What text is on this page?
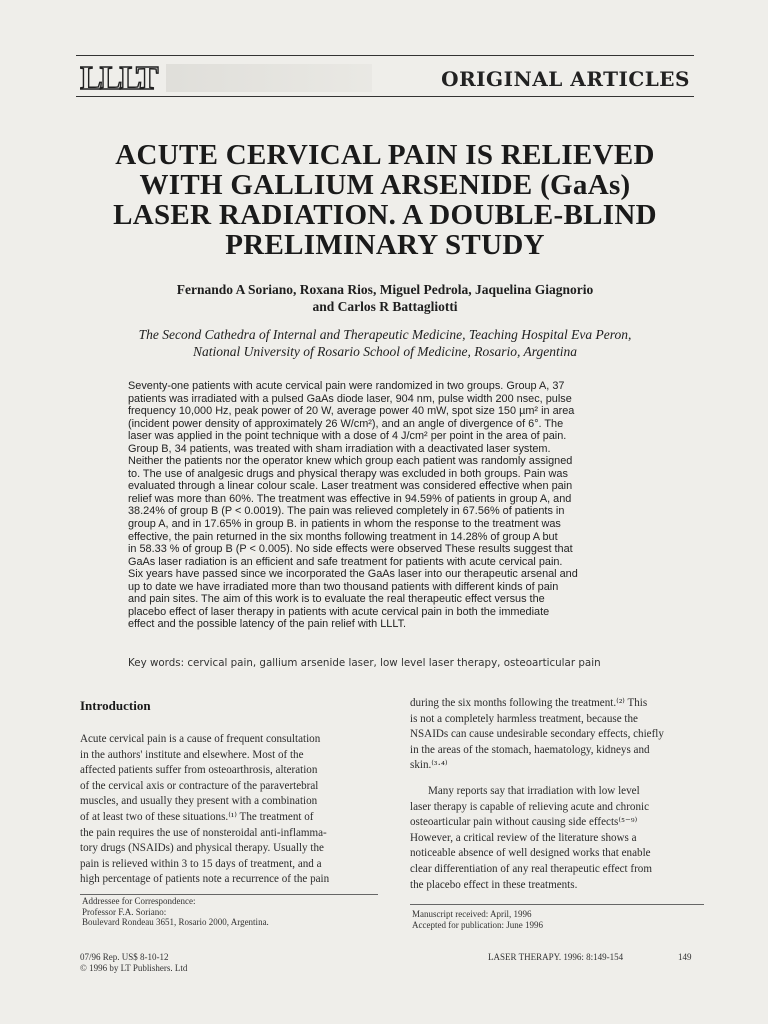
LLLT	ORIGINAL ARTICLES
ACUTE CERVICAL PAIN IS RELIEVED
WITH GALLIUM ARSENIDE (GaAs)
LASER RADIATION. A DOUBLE-BLIND
PRELIMINARY STUDY
Fernando A Soriano, Roxana Rios, Miguel Pedrola, Jaquelina Giagnorio
and Carlos R Battagliotti
The Second Cathedra of Internal and Therapeutic Medicine, Teaching Hospital Eva Peron,
National University of Rosario School of Medicine, Rosario, Argentina
Seventy-one patients with acute cervical pain were randomized in two groups. Group A, 37
patients was irradiated with a pulsed GaAs diode laser, 904 nm, pulse width 200 nsec, pulse
frequency 10,000 Hz, peak power of 20 W, average power 40 mW, spot size 150 µm² in area
(incident power density of approximately 26 W/cm²), and an angle of divergence of 6°. The
laser was applied in the point technique with a dose of 4 J/cm² per point in the area of pain.
Group B, 34 patients, was treated with sham irradiation with a deactivated laser system.
Neither the patients nor the operator knew which group each patient was randomly assigned
to. The use of analgesic drugs and physical therapy was excluded in both groups. Pain was
evaluated through a linear colour scale. Laser treatment was considered effective when pain
relief was more than 60%. The treatment was effective in 94.59% of patients in group A, and
38.24% of group B (P < 0.0019). The pain was relieved completely in 67.56% of patients in
group A, and in 17.65% in group B. in patients in whom the response to the treatment was
effective, the pain returned in the six months following treatment in 14.28% of group A but
in 58.33 % of group B (P < 0.005). No side effects were observed These results suggest that
GaAs laser radiation is an efficient and safe treatment for patients with acute cervical pain.
Six years have passed since we incorporated the GaAs laser into our therapeutic arsenal and
up to date we have irradiated more than two thousand patients with different kinds of pain
and pain sites. The aim of this work is to evaluate the real therapeutic effect versus the
placebo effect of laser therapy in patients with acute cervical pain in both the immediate
effect and the possible latency of the pain relief with LLLT.
Key words: cervical pain, gallium arsenide laser, low level laser therapy, osteoarticular pain
Introduction
Acute cervical pain is a cause of frequent consultation
in the authors' institute and elsewhere. Most of the
affected patients suffer from osteoarthrosis, alteration
of the cervical axis or contracture of the paravertebral
muscles, and usually they present with a combination
of at least two of these situations.⁽¹⁾ The treatment of
the pain requires the use of nonsteroidal anti-inflamma-
tory drugs (NSAIDs) and physical therapy. Usually the
pain is relieved within 3 to 15 days of treatment, and a
high percentage of patients note a recurrence of the pain
during the six months following the treatment.⁽²⁾ This
is not a completely harmless treatment, because the
NSAIDs can cause undesirable secondary effects, chiefly
in the areas of the stomach, haematology, kidneys and
skin.⁽³·⁴⁾
Many reports say that irradiation with low level
laser therapy is capable of relieving acute and chronic
osteoarticular pain without causing side effects⁽⁵⁻⁹⁾
However, a critical review of the literature shows a
noticeable absence of well designed works that enable
clear differentiation of any real therapeutic effect from
the placebo effect in these treatments.
Addressee for Correspondence:
Professor F.A. Soriano:
Boulevard Rondeau 3651, Rosario 2000, Argentina.
Manuscript received: April, 1996
Accepted for publication: June 1996
07/96 Rep. US$ 8-10-12
© 1996 by LT Publishers. Ltd
LASER THERAPY. 1996: 8:149-154	149
